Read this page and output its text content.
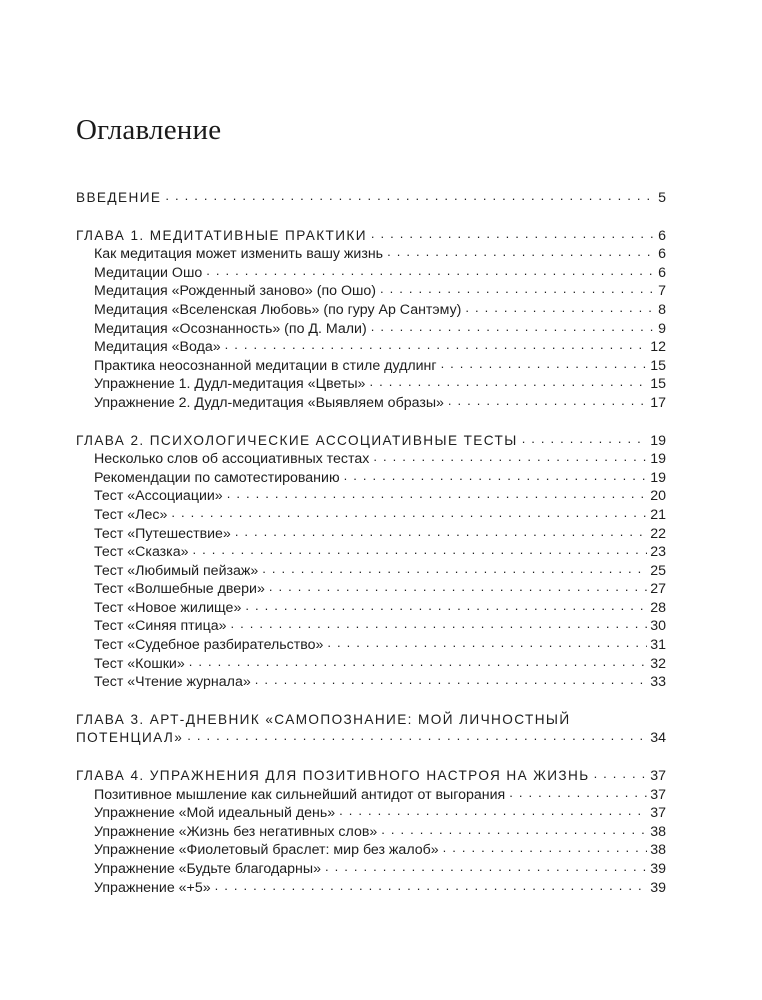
Оглавление
ВВЕДЕНИЕ . . .	5
ГЛАВА 1. МЕДИТАТИВНЫЕ ПРАКТИКИ . . .	6
Как медитация может изменить вашу жизнь . . .	6
Медитации Ошо . . .	6
Медитация «Рожденный заново» (по Ошо) . . .	7
Медитация «Вселенская Любовь» (по гуру Ар Сантэму) . . .	8
Медитация «Осознанность» (по Д. Мали) . . .	9
Медитация «Вода» . . .	12
Практика неосознанной медитации в стиле дудлинг . . .	15
Упражнение 1. Дудл-медитация «Цветы» . . .	15
Упражнение 2. Дудл-медитация «Выявляем образы» . . .	17
ГЛАВА 2. ПСИХОЛОГИЧЕСКИЕ АССОЦИАТИВНЫЕ ТЕСТЫ . . .	19
Несколько слов об ассоциативных тестах . . .	19
Рекомендации по самотестированию . . .	19
Тест «Ассоциации» . . .	20
Тест «Лес» . . .	21
Тест «Путешествие» . . .	22
Тест «Сказка» . . .	23
Тест «Любимый пейзаж» . . .	25
Тест «Волшебные двери» . . .	27
Тест «Новое жилище» . . .	28
Тест «Синяя птица» . . .	30
Тест «Судебное разбирательство» . . .	31
Тест «Кошки» . . .	32
Тест «Чтение журнала» . . .	33
ГЛАВА 3. АРТ-ДНЕВНИК «САМОПОЗНАНИЕ: МОЙ ЛИЧНОСТНЫЙ
ПОТЕНЦИАЛ» . . .	34
ГЛАВА 4. УПРАЖНЕНИЯ ДЛЯ ПОЗИТИВНОГО НАСТРОЯ НА ЖИЗНЬ . . .	37
Позитивное мышление как сильнейший антидот от выгорания . . .	37
Упражнение «Мой идеальный день» . . .	37
Упражнение «Жизнь без негативных слов» . . .	38
Упражнение «Фиолетовый браслет: мир без жалоб» . . .	38
Упражнение «Будьте благодарны» . . .	39
Упражнение «+5» . . .	39
